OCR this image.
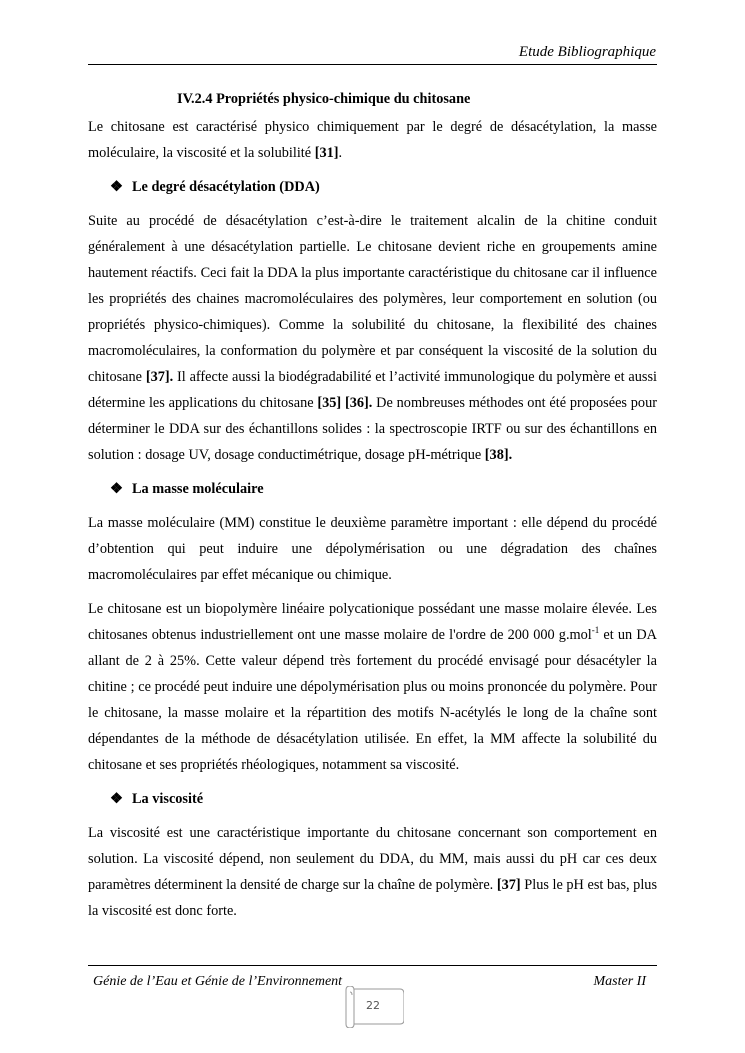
Etude Bibliographique
IV.2.4 Propriétés physico-chimique du chitosane

Le chitosane est caractérisé physico chimiquement par le degré de désacétylation, la masse moléculaire, la viscosité et la solubilité [31].

❖ Le degré désacétylation (DDA)

Suite au procédé de désacétylation c’est-à-dire le traitement alcalin de la chitine conduit généralement à une désacétylation partielle. Le chitosane devient riche en groupements amine hautement réactifs. Ceci fait la DDA la plus importante caractéristique du chitosane car il influence les propriétés des chaines macromoléculaires des polymères, leur comportement en solution (ou propriétés physico-chimiques). Comme la solubilité du chitosane, la flexibilité des chaines macromoléculaires, la conformation du polymère et par conséquent la viscosité de la solution du chitosane [37]. Il affecte aussi la biodégradabilité et l’activité immunologique du polymère et aussi détermine les applications du chitosane [35] [36]. De nombreuses méthodes ont été proposées pour déterminer le DDA sur des échantillons solides : la spectroscopie IRTF ou sur des échantillons en solution : dosage UV, dosage conductimétrique, dosage pH-métrique [38].

❖ La masse moléculaire

La masse moléculaire (MM) constitue le deuxième paramètre important : elle dépend du procédé d’obtention qui peut induire une dépolymérisation ou une dégradation des chaînes macromoléculaires par effet mécanique ou chimique.

Le chitosane est un biopolymère linéaire polycationique possédant une masse molaire élevée. Les chitosanes obtenus industriellement ont une masse molaire de l'ordre de 200 000 g.mol$^{-1}$ et un DA allant de 2 à 25%. Cette valeur dépend très fortement du procédé envisagé pour désacétyler la chitine ; ce procédé peut induire une dépolymérisation plus ou moins prononcée du polymère. Pour le chitosane, la masse molaire et la répartition des motifs N-acétylés le long de la chaîne sont dépendantes de la méthode de désacétylation utilisée. En effet, la MM affecte la solubilité du chitosane et ses propriétés rhéologiques, notamment sa viscosité.

❖ La viscosité

La viscosité est une caractéristique importante du chitosane concernant son comportement en solution. La viscosité dépend, non seulement du DDA, du MM, mais aussi du pH car ces deux paramètres déterminent la densité de charge sur la chaîne de polymère. [37] Plus le pH est bas, plus la viscosité est donc forte.

Génie de l’Eau et Génie de l’Environnement	Master II
22
